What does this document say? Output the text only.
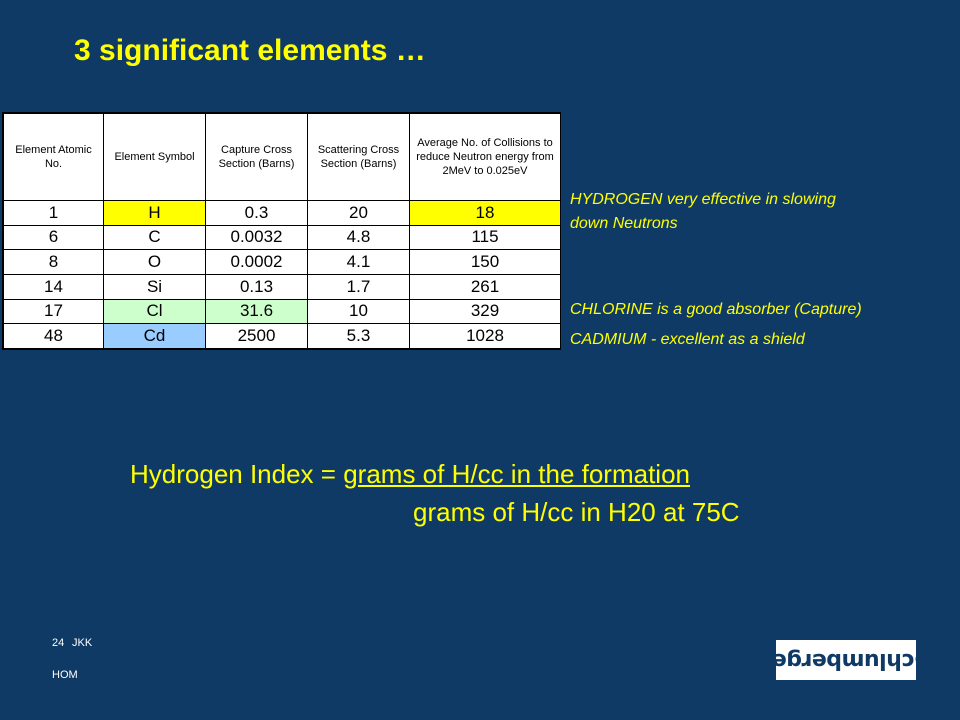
3 significant elements …
Element Atomic No.	Element Symbol	Capture Cross Section (Barns)	Scattering Cross Section (Barns)	Average No. of Collisions to reduce Neutron energy from 2MeV to 0.025eV
1	H	0.3	20	18
6	C	0.0032	4.8	115
8	O	0.0002	4.1	150
14	Si	0.13	1.7	261
17	Cl	31.6	10	329
48	Cd	2500	5.3	1028
HYDROGEN very effective in slowing
down Neutrons
CHLORINE is a good absorber (Capture)
CADMIUM - excellent as a shield
Hydrogen Index = grams of H/cc in the formation
grams of H/cc in H20 at 75C
24 JKK
HOM
Schlumberger
